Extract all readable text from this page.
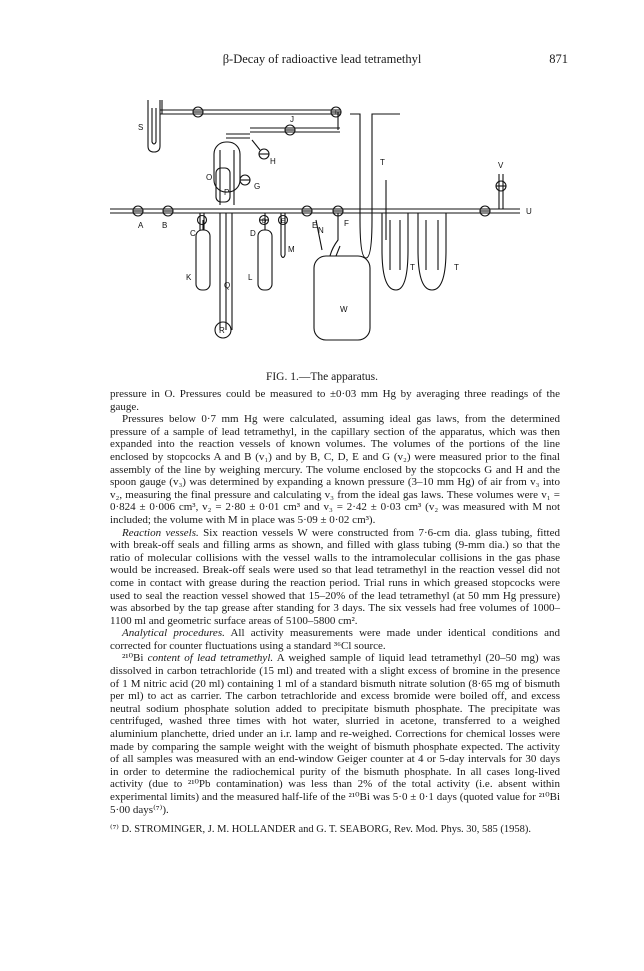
β-Decay of radioactive lead tetramethyl	871
S
J
H
O
P
G
T	V
U
A B
C	D
E
N
F
M
K	L
Q
R
W
T	T
D E
T
FIG. 1.—The apparatus.

pressure in O. Pressures could be measured to ±0·03 mm Hg by averaging three readings of the gauge.

Pressures below 0·7 mm Hg were calculated, assuming ideal gas laws, from the determined pressure of a sample of lead tetramethyl, in the capillary section of the apparatus, which was then expanded into the reaction vessels of known volumes. The volumes of the portions of the line enclosed by stopcocks A and B (v₁) and by B, C, D, E and G (v₂) were measured prior to the final assembly of the line by weighing mercury. The volume enclosed by the stopcocks G and H and the spoon gauge (v₃) was determined by expanding a known pressure (3–10 mm Hg) of air from v₃ into v₂, measuring the final pressure and calculating v₃ from the ideal gas laws. These volumes were v₁ = 0·824 ± 0·006 cm³, v₂ = 2·80 ± 0·01 cm³ and v₃ = 2·42 ± 0·03 cm³ (v₂ was measured with M not included; the volume with M in place was 5·09 ± 0·02 cm³).

Reaction vessels. Six reaction vessels W were constructed from 7·6-cm dia. glass tubing, fitted with break-off seals and filling arms as shown, and filled with glass tubing (9-mm dia.) so that the ratio of molecular collisions with the vessel walls to the intramolecular collisions in the gas phase would be increased. Break-off seals were used so that lead tetramethyl in the reaction vessel did not come in contact with grease during the reaction period. Trial runs in which greased stopcocks were used to seal the reaction vessel showed that 15–20% of the lead tetramethyl (at 50 mm Hg pressure) was absorbed by the tap grease after standing for 3 days. The six vessels had free volumes of 1000–1100 ml and geometric surface areas of 5100–5800 cm².

Analytical procedures. All activity measurements were made under identical conditions and corrected for counter fluctuations using a standard ³⁶Cl source.

²¹⁰Bi content of lead tetramethyl. A weighed sample of liquid lead tetramethyl (20–50 mg) was dissolved in carbon tetrachloride (15 ml) and treated with a slight excess of bromine in the presence of 1 M nitric acid (20 ml) containing 1 ml of a standard bismuth nitrate solution (8·65 mg of bismuth per ml) to act as carrier. The carbon tetrachloride and excess bromide were boiled off, and excess neutral sodium phosphate solution added to precipitate bismuth phosphate. The precipitate was centrifuged, washed three times with hot water, slurried in acetone, transferred to a weighed aluminium planchette, dried under an i.r. lamp and re-weighed. Corrections for chemical losses were made by comparing the sample weight with the weight of bismuth phosphate expected. The activity of all samples was measured with an end-window Geiger counter at 4 or 5-day intervals for 30 days in order to determine the radiochemical purity of the bismuth phosphate. In all cases long-lived activity (due to ²¹⁰Pb contamination) was less than 2% of the total activity (i.e. absent within experimental limits) and the measured half-life of the ²¹⁰Bi was 5·0 ± 0·1 days (quoted value for ²¹⁰Bi 5·00 days⁽⁷⁾).

⁽⁷⁾ D. STROMINGER, J. M. HOLLANDER and G. T. SEABORG, Rev. Mod. Phys. 30, 585 (1958).
